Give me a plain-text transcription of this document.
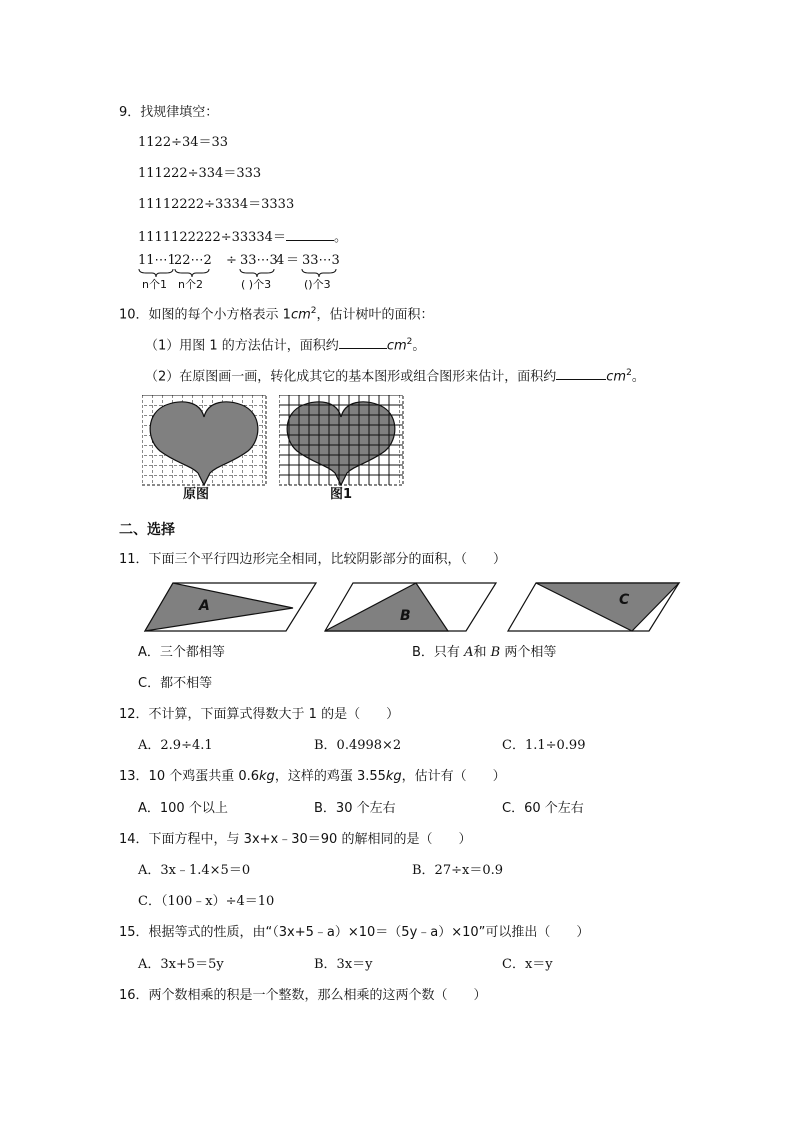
9．找规律填空：
1122÷34＝33
111222÷334＝333
11112222÷3334＝3333
1111122222÷33334＝	。
11⋯1
22⋯2 ÷ 33⋯3
4 ＝ 33⋯3
n个1 n个2	( )个3	()个3
10．如图的每个小方格表示 $1cm^2$，估计树叶的面积：
（1）用图 1 的方法估计，面积约	$cm^2$。
（2）在原图画一画，转化成其它的基本图形或组合图形来估计，面积约	$cm^2$。
原图	图1
二、选择
11．下面三个平行四边形完全相同，比较阴影部分的面积，（　　）
A
B
C
A．三个都相等	B．只有 A和 B 两个相等
C．都不相等
12．不计算，下面算式得数大于 1 的是（　　）
A．2.9÷4.1	B．0.4998×2	C．1.1÷0.99
13．10 个鸡蛋共重 0.6kg，这样的鸡蛋 3.55kg，估计有（　　）
A．100 个以上	B．30 个左右	C．60 个左右
14．下面方程中，与 3x+x﹣30＝90 的解相同的是（　　）
A．3x﹣1.4×5＝0	B．27÷x＝0.9
C．（100﹣x）÷4＝10
15．根据等式的性质，由“（3x+5﹣a）×10＝（5y﹣a）×10”可以推出（　　）
A．3x+5＝5y	B．3x＝y	C．x＝y
16．两个数相乘的积是一个整数，那么相乘的这两个数（　　）
